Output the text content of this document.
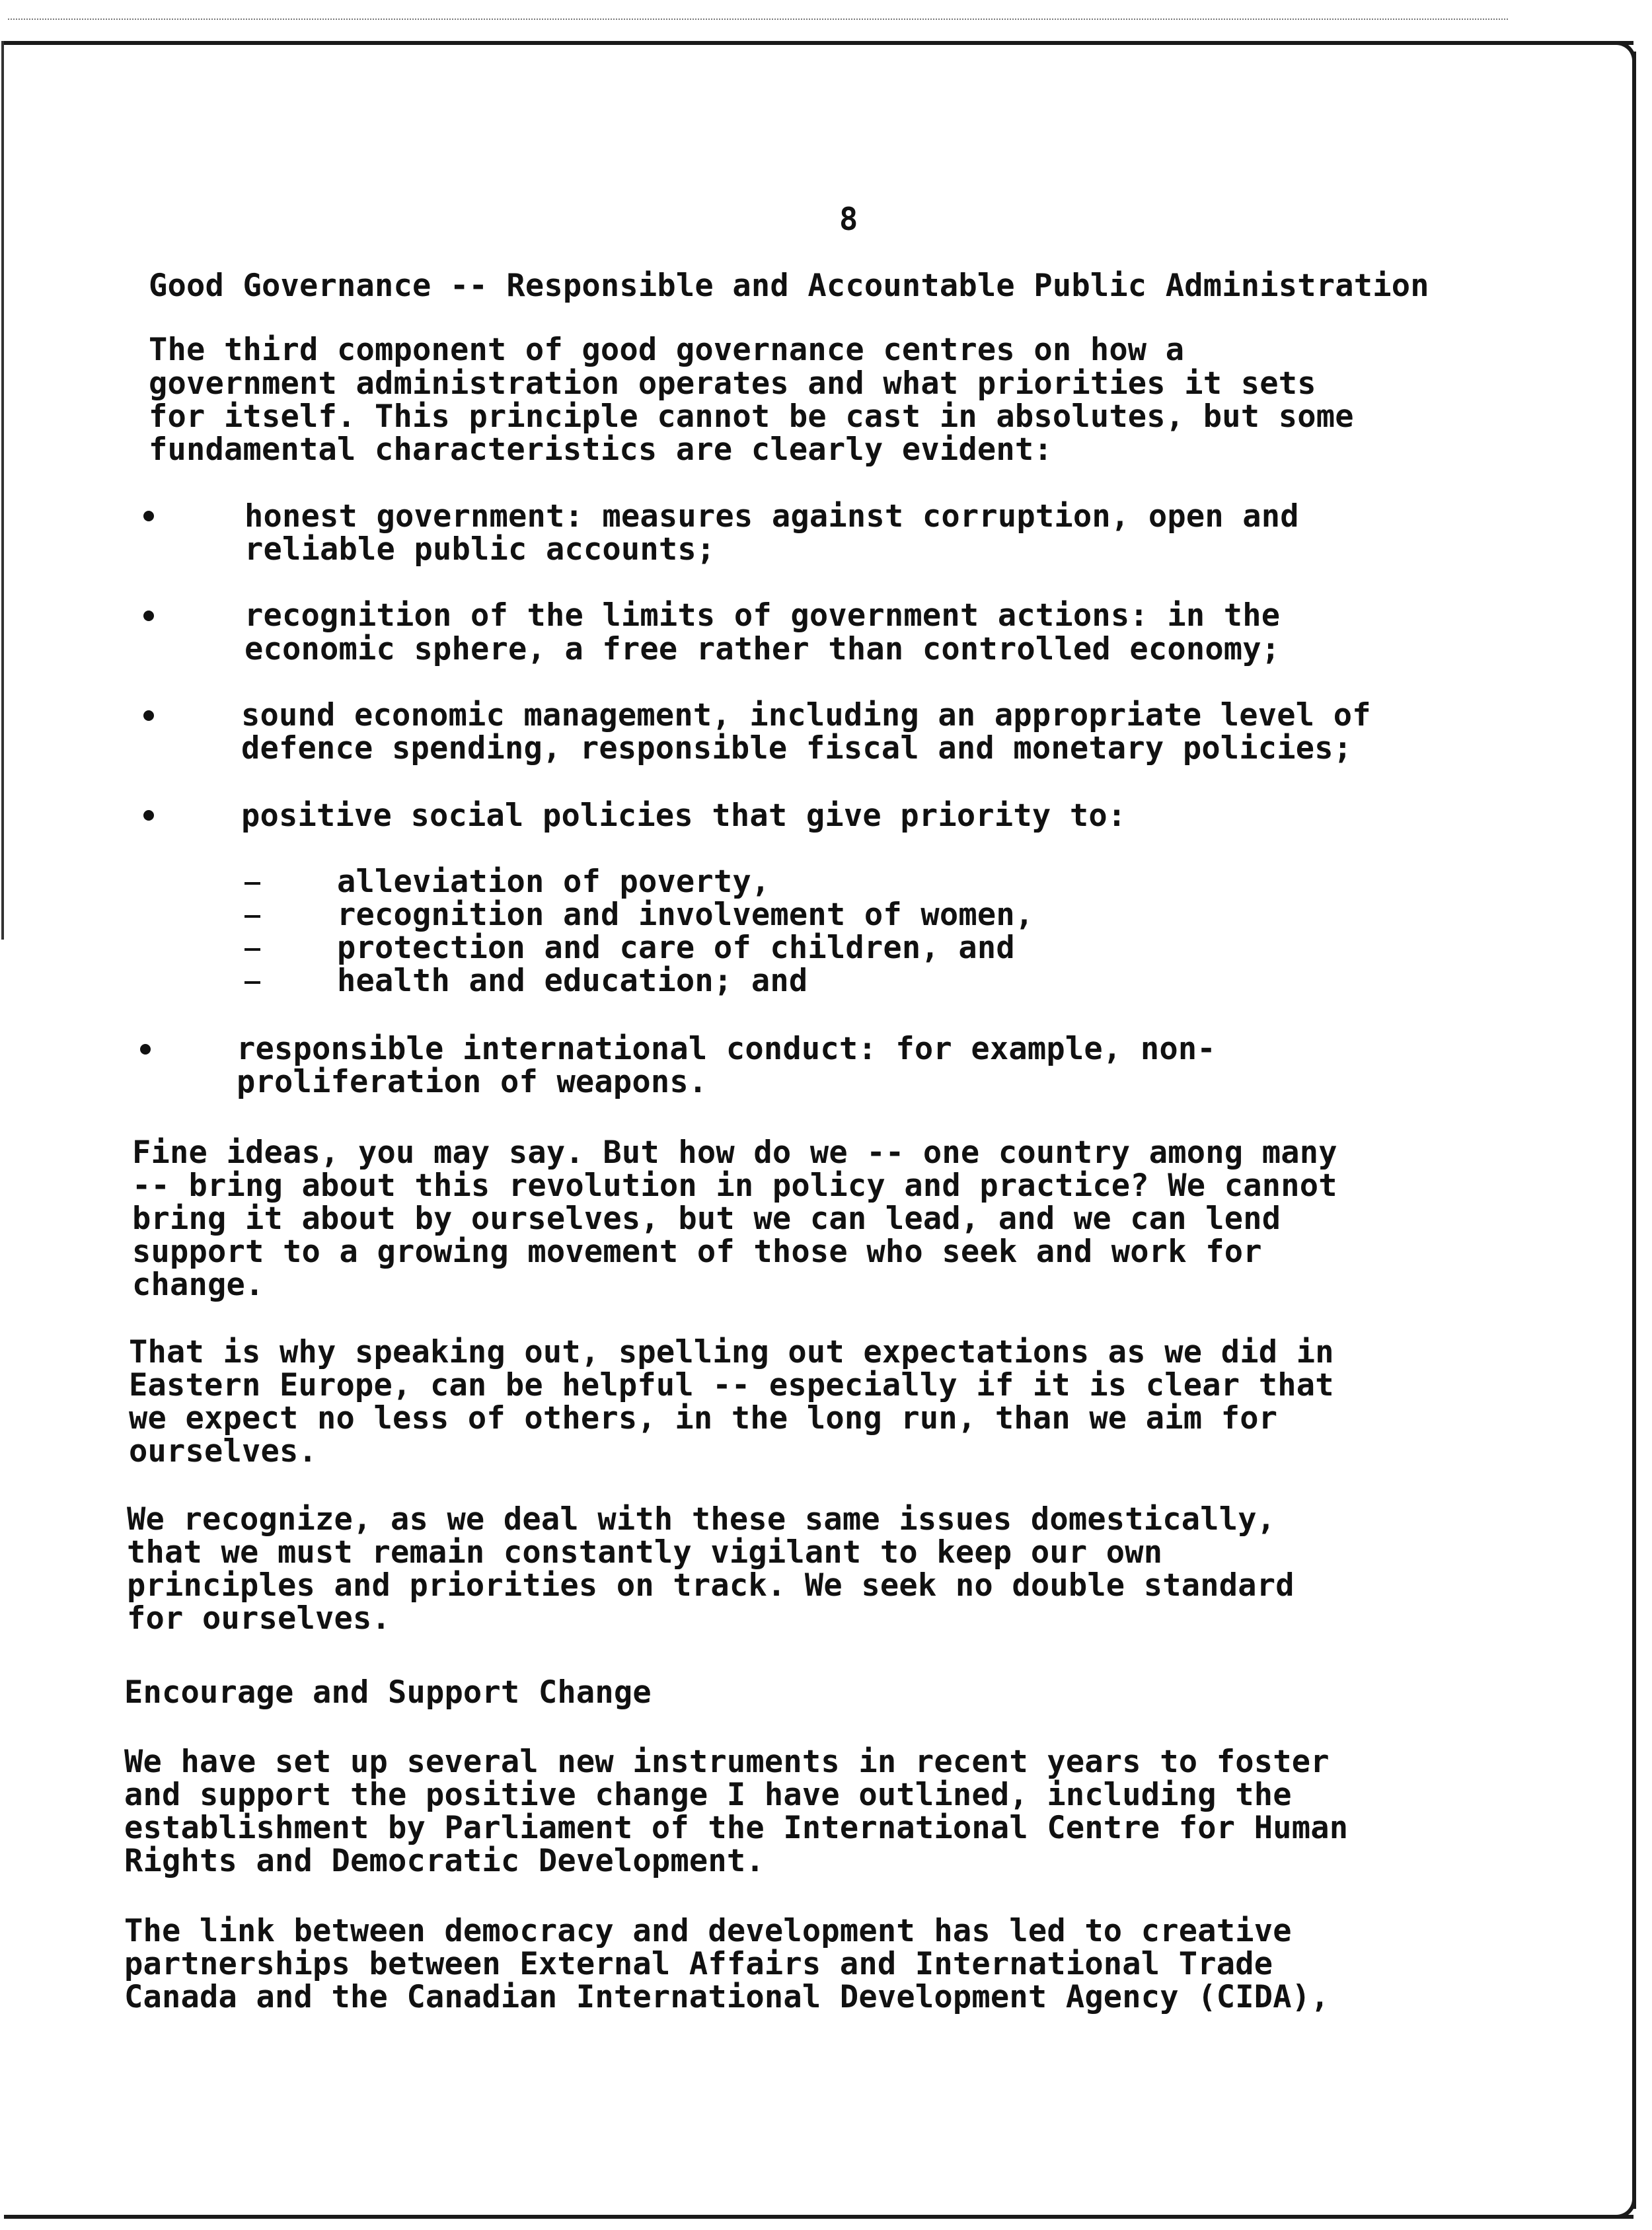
8
Good Governance -- Responsible and Accountable Public Administration
The third component of good governance centres on how a
government administration operates and what priorities it sets
for itself. This principle cannot be cast in absolutes, but some
fundamental characteristics are clearly evident:
honest government: measures against corruption, open and
reliable public accounts;
recognition of the limits of government actions: in the
economic sphere, a free rather than controlled economy;
sound economic management, including an appropriate level of
defence spending, responsible fiscal and monetary policies;
positive social policies that give priority to:
alleviation of poverty,
recognition and involvement of women,
protection and care of children, and
health and education; and
responsible international conduct: for example, non-
proliferation of weapons.
Fine ideas, you may say. But how do we -- one country among many
-- bring about this revolution in policy and practice? We cannot
bring it about by ourselves, but we can lead, and we can lend
support to a growing movement of those who seek and work for
change.
That is why speaking out, spelling out expectations as we did in
Eastern Europe, can be helpful -- especially if it is clear that
we expect no less of others, in the long run, than we aim for
ourselves.
We recognize, as we deal with these same issues domestically,
that we must remain constantly vigilant to keep our own
principles and priorities on track. We seek no double standard
for ourselves.
Encourage and Support Change
We have set up several new instruments in recent years to foster
and support the positive change I have outlined, including the
establishment by Parliament of the International Centre for Human
Rights and Democratic Development.
The link between democracy and development has led to creative
partnerships between External Affairs and International Trade
Canada and the Canadian International Development Agency (CIDA),
